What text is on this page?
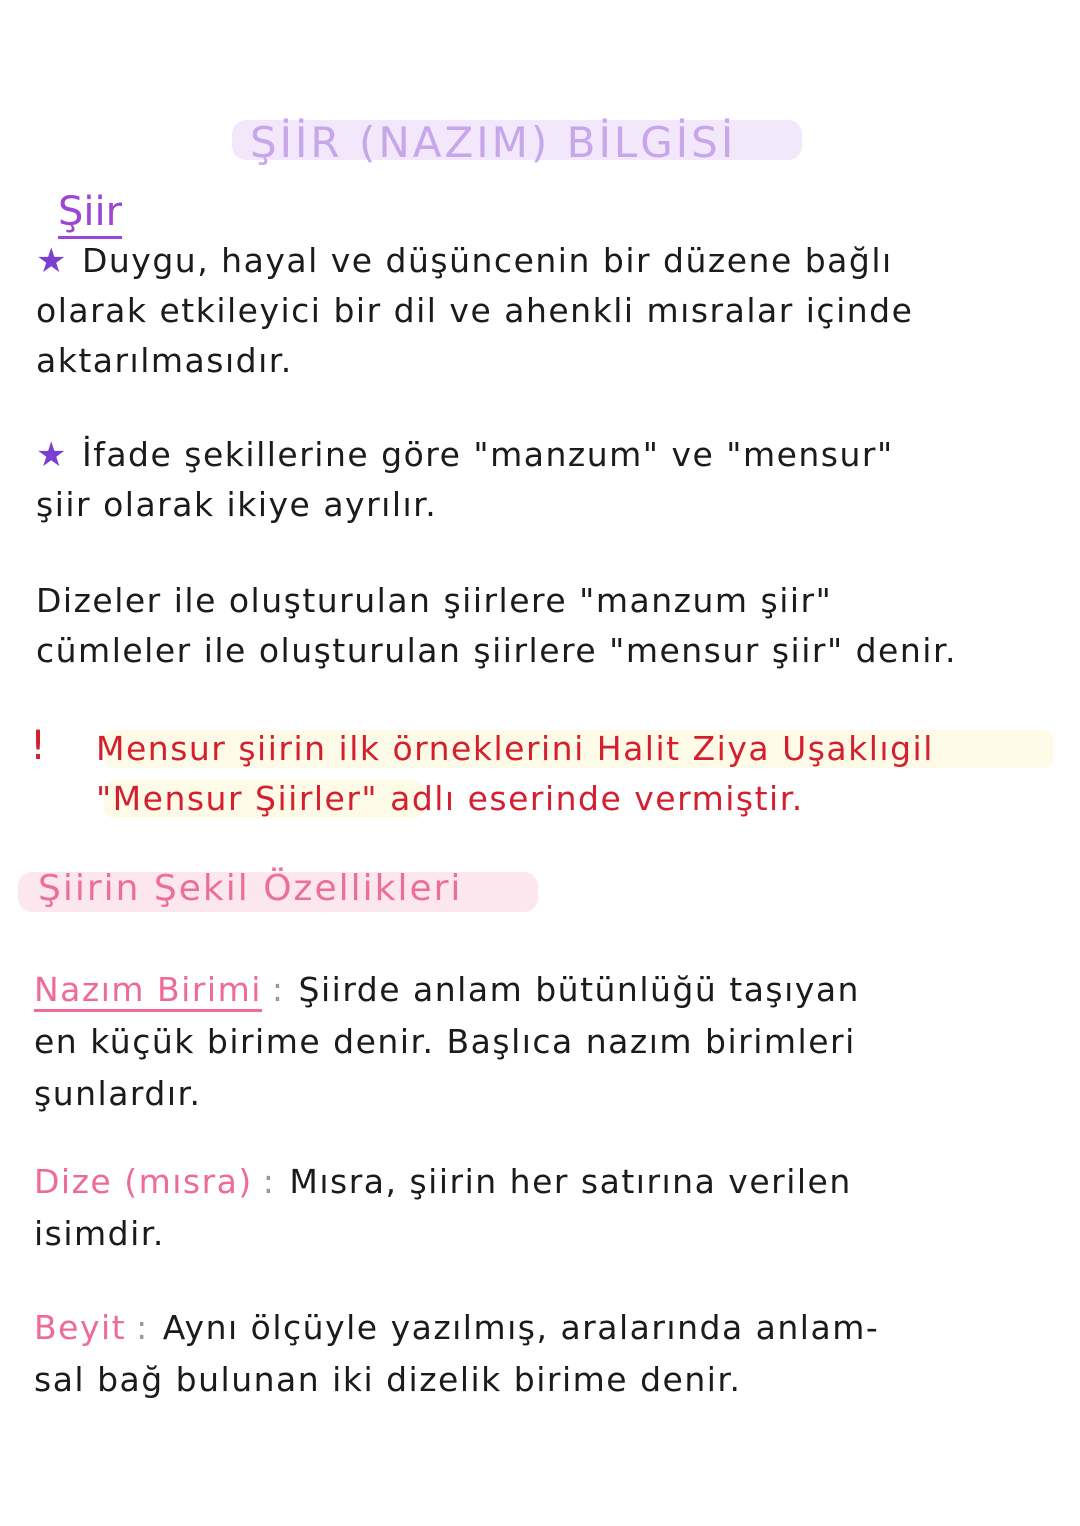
ŞİİR (NAZIM) BİLGİSİ
Şiir
★ Duygu, hayal ve düşüncenin bir düzene bağlı
olarak etkileyici bir dil ve ahenkli mısralar içinde
aktarılmasıdır.
★ İfade şekillerine göre "manzum" ve "mensur"
şiir olarak ikiye ayrılır.
Dizeler ile oluşturulan şiirlere "manzum şiir"
cümleler ile oluşturulan şiirlere "mensur şiir" denir.
! Mensur şiirin ilk örneklerini Halit Ziya Uşaklıgil
"Mensur Şiirler" adlı eserinde vermiştir.
Şiirin Şekil Özellikleri
Nazım Birimi : Şiirde anlam bütünlüğü taşıyan
en küçük birime denir. Başlıca nazım birimleri
şunlardır.
Dize (mısra) : Mısra, şiirin her satırına verilen
isimdir.
Beyit : Aynı ölçüyle yazılmış, aralarında anlam-
sal bağ bulunan iki dizelik birime denir.
